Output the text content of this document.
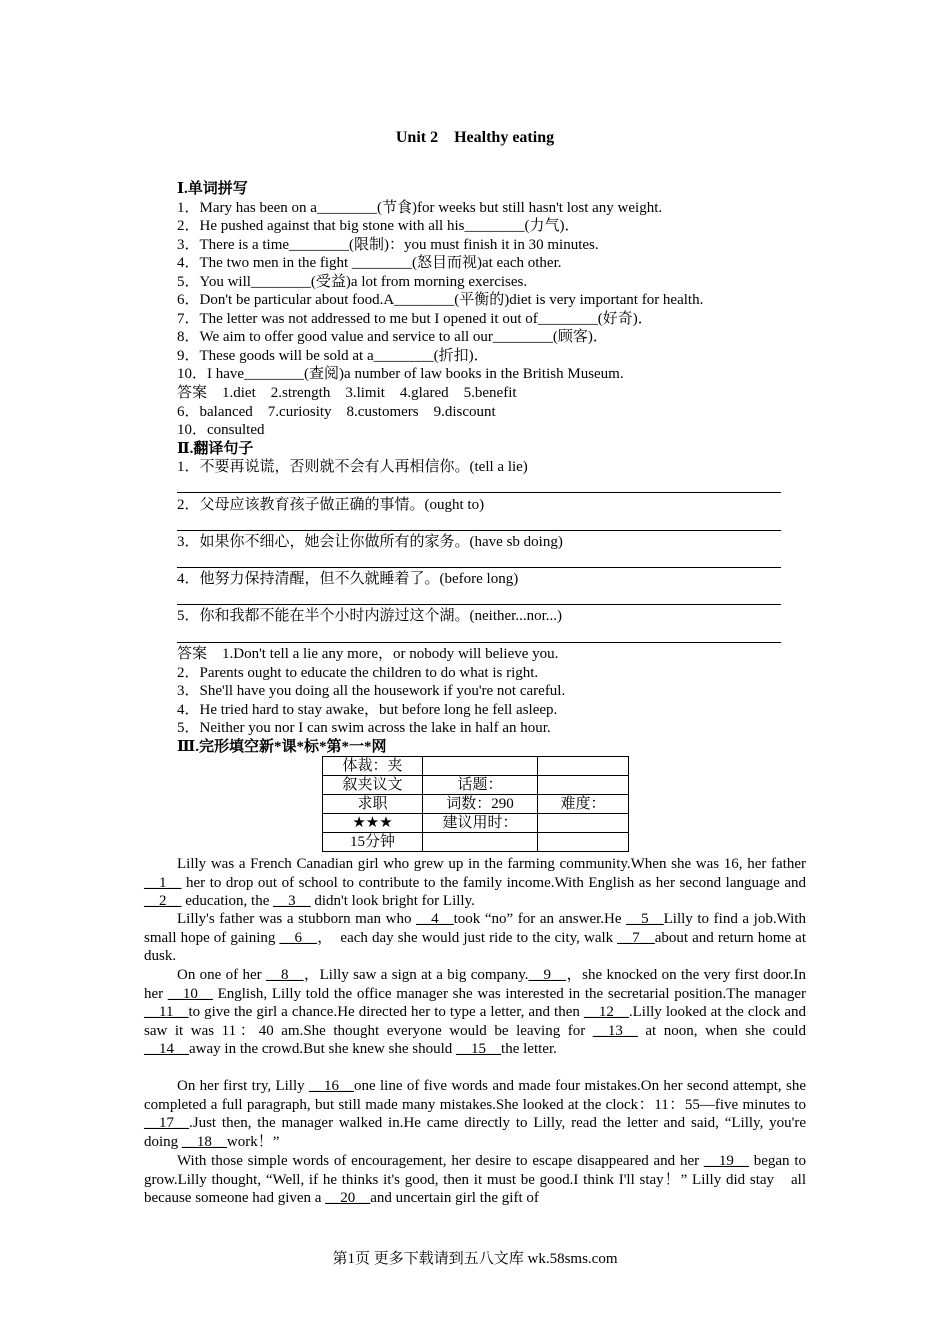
Unit 2　Healthy eating
Ⅰ.单词拼写
1．Mary has been on a________(节食)for weeks but still hasn't lost any weight.
2．He pushed against that big stone with all his________(力气)．
3．There is a time________(限制)：you must finish it in 30 minutes.
4．The two men in the fight ________(怒目而视)at each other.
5．You will________(受益)a lot from morning exercises.
6．Don't be particular about food.A________(平衡的)diet is very important for health.
7．The letter was not addressed to me but I opened it out of________(好奇)．
8．We aim to offer good value and service to all our________(顾客)．
9．These goods will be sold at a________(折扣)．
10．I have________(查阅)a number of law books in the British Museum.
答案　1.diet　2.strength　3.limit　4.glared　5.benefit
6．balanced　7.curiosity　8.customers　9.discount
10．consulted
Ⅱ.翻译句子
1．不要再说谎，否则就不会有人再相信你。(tell a lie)
2．父母应该教育孩子做正确的事情。(ought to)
3．如果你不细心，她会让你做所有的家务。(have sb doing)
4．他努力保持清醒，但不久就睡着了。(before long)
5．你和我都不能在半个小时内游过这个湖。(neither...nor...)
答案　1.Don't tell a lie any more，or nobody will believe you.
2．Parents ought to educate the children to do what is right.
3．She'll have you doing all the housework if you're not careful.
4．He tried hard to stay awake，but before long he fell asleep.
5．Neither you nor I can swim across the lake in half an hour.
Ⅲ.完形填空新*课*标*第*一*网
体裁：夹		
叙夹议文	话题：	
求职	词数：290	难度：
★★★	建议用时：	
15分钟		
Lilly was a French Canadian girl who grew up in the farming community.When she was 16, her father __1__ her to drop out of school to contribute to the family income.With English as her second language and __2__ education, the __3__ didn't look bright for Lilly.
Lilly's father was a stubborn man who __4__took “no” for an answer.He __5__Lilly to find a job.With small hope of gaining __6__，　each day she would just ride to the city, walk __7__about and return home at dusk.
On one of her __8__，Lilly saw a sign at a big company.__9__，she knocked on the very first door.In her __10__ English, Lilly told the office manager she was interested in the secretarial position.The manager __11__to give the girl a chance.He directed her to type a letter, and then __12__.Lilly looked at the clock and saw it was 11：40 am.She thought everyone would be leaving for __13__ at noon, when she could __14__away in the crowd.But she knew she should __15__the letter.
On her first try, Lilly __16__one line of five words and made four mistakes.On her second attempt, she completed a full paragraph, but still made many mistakes.She looked at the clock：11：55—five minutes to __17__.Just then, the manager walked in.He came directly to Lilly, read the letter and said, “Lilly, you're doing __18__work！”
With those simple words of encouragement, her desire to escape disappeared and her __19__ began to grow.Lilly thought, “Well, if he thinks it's good, then it must be good.I think I'll stay！” Lilly did stay　all because someone had given a __20__and uncertain girl the gift of
第1页 更多下载请到五八文库 wk.58sms.com
